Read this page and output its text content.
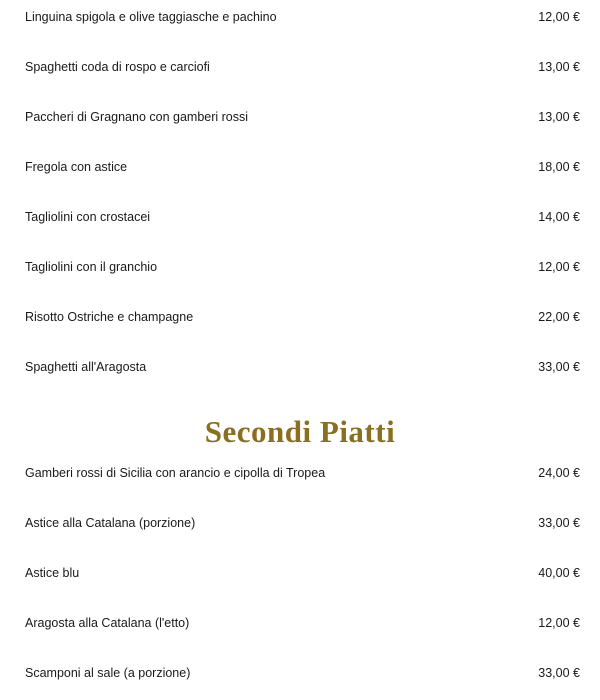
Linguina spigola e olive taggiasche e pachino	12,00 €
Spaghetti coda di rospo e carciofi	13,00 €
Paccheri di Gragnano con gamberi rossi	13,00 €
Fregola con astice	18,00 €
Tagliolini con crostacei	14,00 €
Tagliolini con il granchio	12,00 €
Risotto Ostriche e champagne	22,00 €
Spaghetti all'Aragosta	33,00 €
Secondi Piatti
Gamberi rossi di Sicilia con arancio e cipolla di Tropea	24,00 €
Astice alla Catalana (porzione)	33,00 €
Astice blu	40,00 €
Aragosta alla Catalana (l'etto)	12,00 €
Scamponi al sale (a porzione)	33,00 €
